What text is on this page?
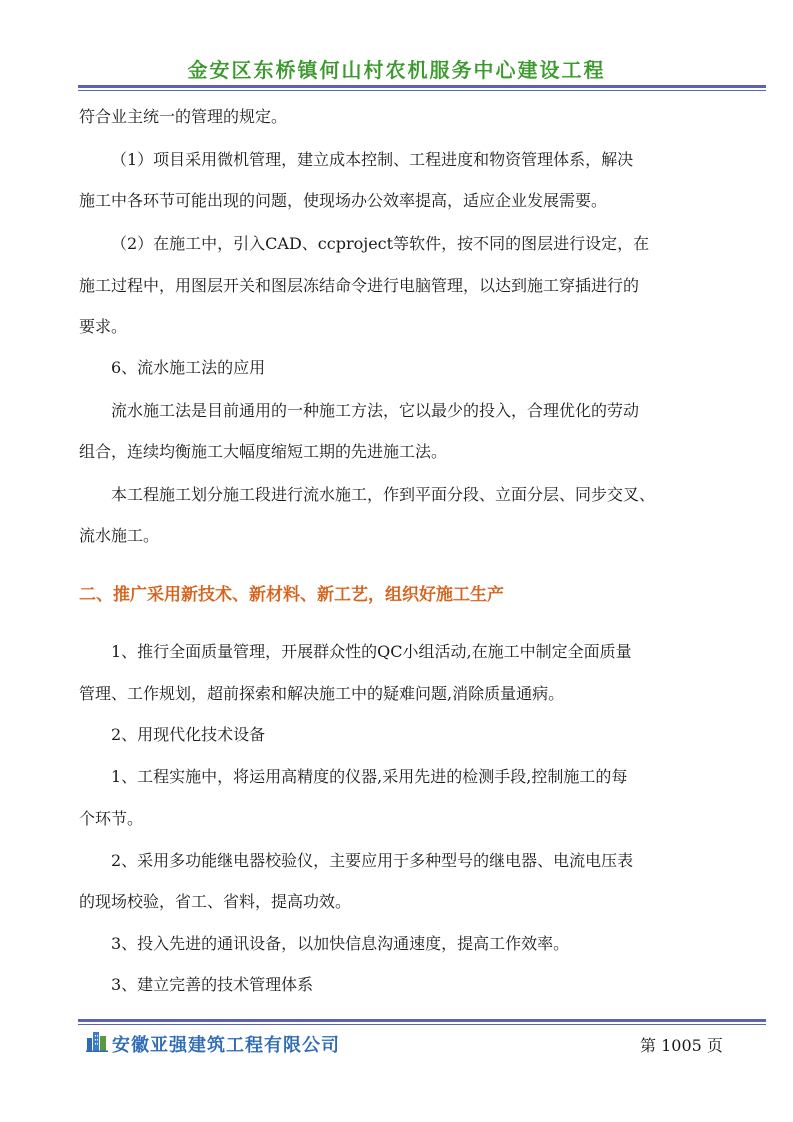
金安区东桥镇何山村农机服务中心建设工程
符合业主统一的管理的规定。
（1）项目采用微机管理，建立成本控制、工程进度和物资管理体系，解决
施工中各环节可能出现的问题，使现场办公效率提高，适应企业发展需要。
（2）在施工中，引入CAD、ccproject等软件，按不同的图层进行设定，在
施工过程中，用图层开关和图层冻结命令进行电脑管理，以达到施工穿插进行的
要求。
6、流水施工法的应用
流水施工法是目前通用的一种施工方法，它以最少的投入，合理优化的劳动
组合，连续均衡施工大幅度缩短工期的先进施工法。
本工程施工划分施工段进行流水施工，作到平面分段、立面分层、同步交叉、
流水施工。
二、推广采用新技术、新材料、新工艺，组织好施工生产
1、推行全面质量管理，开展群众性的QC小组活动,在施工中制定全面质量
管理、工作规划，超前探索和解决施工中的疑难问题,消除质量通病。
2、用现代化技术设备
1、工程实施中，将运用高精度的仪器,采用先进的检测手段,控制施工的每
个环节。
2、采用多功能继电器校验仪，主要应用于多种型号的继电器、电流电压表
的现场校验，省工、省料，提高功效。
3、投入先进的通讯设备，以加快信息沟通速度，提高工作效率。
3、建立完善的技术管理体系
安徽亚强建筑工程有限公司	第 1005 页
